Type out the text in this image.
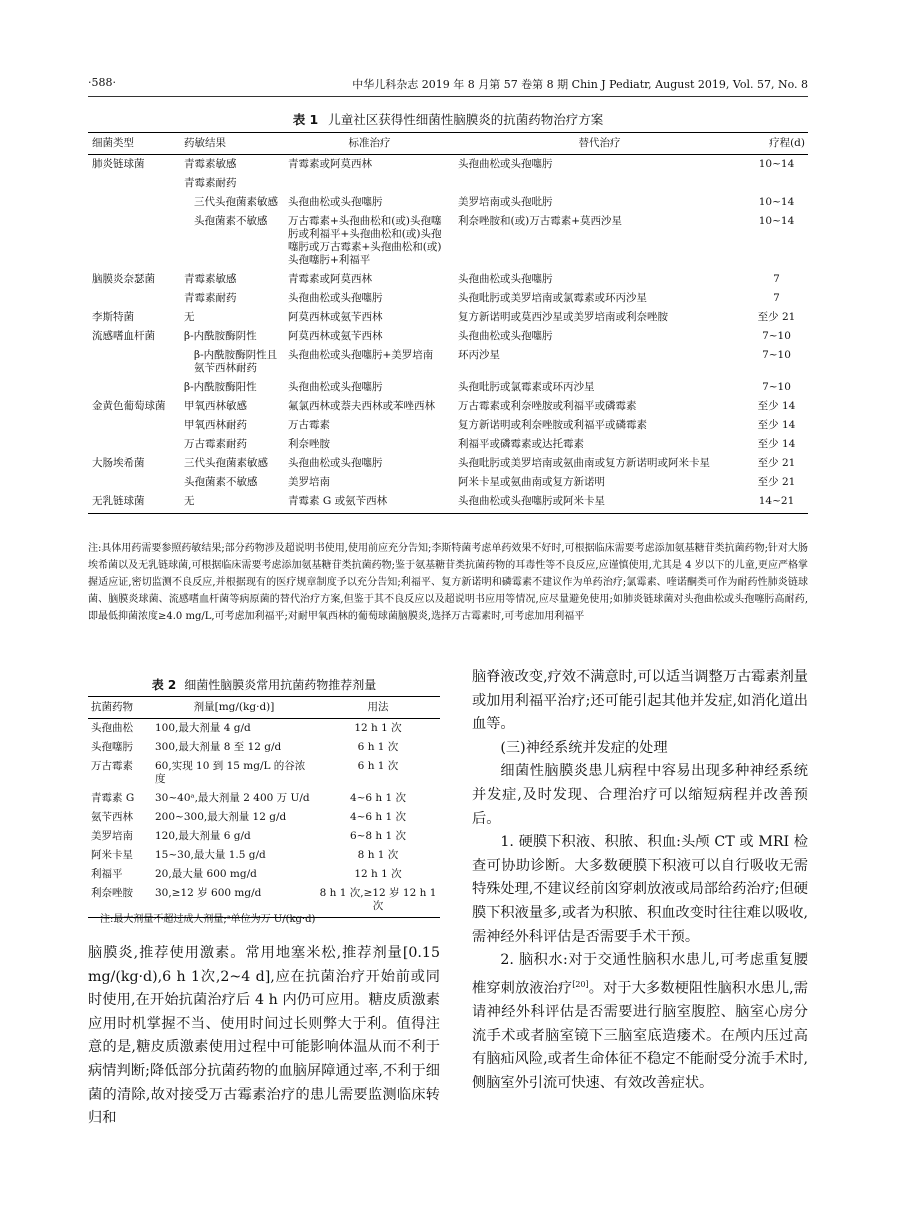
·588·	中华儿科杂志 2019 年 8 月第 57 卷第 8 期 Chin J Pediatr, August 2019, Vol. 57, No. 8
表 1 儿童社区获得性细菌性脑膜炎的抗菌药物治疗方案
细菌类型	药敏结果	标准治疗	替代治疗	疗程(d)
肺炎链球菌	青霉素敏感	青霉素或阿莫西林	头孢曲松或头孢噻肟	10~14
	青霉素耐药			
	三代头孢菌素敏感	头孢曲松或头孢噻肟	美罗培南或头孢吡肟	10~14
	头孢菌素不敏感	万古霉素+头孢曲松和(或)头孢噻肟或利福平+头孢曲松和(或)头孢噻肟或万古霉素+头孢曲松和(或)头孢噻肟+利福平	利奈唑胺和(或)万古霉素+莫西沙星	10~14
脑膜炎奈瑟菌	青霉素敏感	青霉素或阿莫西林	头孢曲松或头孢噻肟	7
	青霉素耐药	头孢曲松或头孢噻肟	头孢吡肟或美罗培南或氯霉素或环丙沙星	7
李斯特菌	无	阿莫西林或氨苄西林	复方新诺明或莫西沙星或美罗培南或利奈唑胺	至少 21
流感嗜血杆菌	β-内酰胺酶阴性	阿莫西林或氨苄西林	头孢曲松或头孢噻肟	7~10
	β-内酰胺酶阴性且氨苄西林耐药	头孢曲松或头孢噻肟+美罗培南	环丙沙星	7~10
	β-内酰胺酶阳性	头孢曲松或头孢噻肟	头孢吡肟或氯霉素或环丙沙星	7~10
金黄色葡萄球菌	甲氧西林敏感	氟氯西林或萘夫西林或苯唑西林	万古霉素或利奈唑胺或利福平或磷霉素	至少 14
	甲氧西林耐药	万古霉素	复方新诺明或利奈唑胺或利福平或磷霉素	至少 14
	万古霉素耐药	利奈唑胺	利福平或磷霉素或达托霉素	至少 14
大肠埃希菌	三代头孢菌素敏感	头孢曲松或头孢噻肟	头孢吡肟或美罗培南或氨曲南或复方新诺明或阿米卡星	至少 21
	头孢菌素不敏感	美罗培南	阿米卡星或氨曲南或复方新诺明	至少 21
无乳链球菌	无	青霉素 G 或氨苄西林	头孢曲松或头孢噻肟或阿米卡星	14~21
注:具体用药需要参照药敏结果;部分药物涉及超说明书使用,使用前应充分告知;李斯特菌考虑单药效果不好时,可根据临床需要考虑添加氨基糖苷类抗菌药物;针对大肠埃希菌以及无乳链球菌,可根据临床需要考虑添加氨基糖苷类抗菌药物;鉴于氨基糖苷类抗菌药物的耳毒性等不良反应,应谨慎使用,尤其是 4 岁以下的儿童,更应严格掌握适应证,密切监测不良反应,并根据现有的医疗规章制度予以充分告知;利福平、复方新诺明和磷霉素不建议作为单药治疗;氯霉素、喹诺酮类可作为耐药性肺炎链球菌、脑膜炎球菌、流感嗜血杆菌等病原菌的替代治疗方案,但鉴于其不良反应以及超说明书应用等情况,应尽量避免使用;如肺炎链球菌对头孢曲松或头孢噻肟高耐药,即最低抑菌浓度≥4.0 mg/L,可考虑加利福平;对耐甲氧西林的葡萄球菌脑膜炎,选择万古霉素时,可考虑加用利福平
表 2 细菌性脑膜炎常用抗菌药物推荐剂量
抗菌药物	剂量[mg/(kg·d)]	用法
头孢曲松	100,最大剂量 4 g/d	12 h 1 次
头孢噻肟	300,最大剂量 8 至 12 g/d	6 h 1 次
万古霉素	60,实现 10 到 15 mg/L 的谷浓度	6 h 1 次
青霉素 G	30~40ᵃ,最大剂量 2 400 万 U/d	4~6 h 1 次
氨苄西林	200~300,最大剂量 12 g/d	4~6 h 1 次
美罗培南	120,最大剂量 6 g/d	6~8 h 1 次
阿米卡星	15~30,最大量 1.5 g/d	8 h 1 次
利福平	20,最大量 600 mg/d	12 h 1 次
利奈唑胺	30,≥12 岁 600 mg/d	8 h 1 次,≥12 岁 12 h 1 次
注:最大剂量不超过成人剂量;ᵃ单位为万 U/(kg·d)

脑膜炎,推荐使用激素。常用地塞米松,推荐剂量[0.15 mg/(kg·d),6 h 1次,2~4 d],应在抗菌治疗开始前或同时使用,在开始抗菌治疗后 4 h 内仍可应用。糖皮质激素应用时机掌握不当、使用时间过长则弊大于利。值得注意的是,糖皮质激素使用过程中可能影响体温从而不利于病情判断;降低部分抗菌药物的血脑屏障通过率,不利于细菌的清除,故对接受万古霉素治疗的患儿需要监测临床转归和

脑脊液改变,疗效不满意时,可以适当调整万古霉素剂量或加用利福平治疗;还可能引起其他并发症,如消化道出血等。

(三)神经系统并发症的处理

细菌性脑膜炎患儿病程中容易出现多种神经系统并发症,及时发现、合理治疗可以缩短病程并改善预后。

1. 硬膜下积液、积脓、积血:头颅 CT 或 MRI 检查可协助诊断。大多数硬膜下积液可以自行吸收无需特殊处理,不建议经前囟穿刺放液或局部给药治疗;但硬膜下积液量多,或者为积脓、积血改变时往往难以吸收,需神经外科评估是否需要手术干预。

2. 脑积水:对于交通性脑积水患儿,可考虑重复腰椎穿刺放液治疗[20]。对于大多数梗阻性脑积水患儿,需请神经外科评估是否需要进行脑室腹腔、脑室心房分流手术或者脑室镜下三脑室底造瘘术。在颅内压过高有脑疝风险,或者生命体征不稳定不能耐受分流手术时,侧脑室外引流可快速、有效改善症状。
